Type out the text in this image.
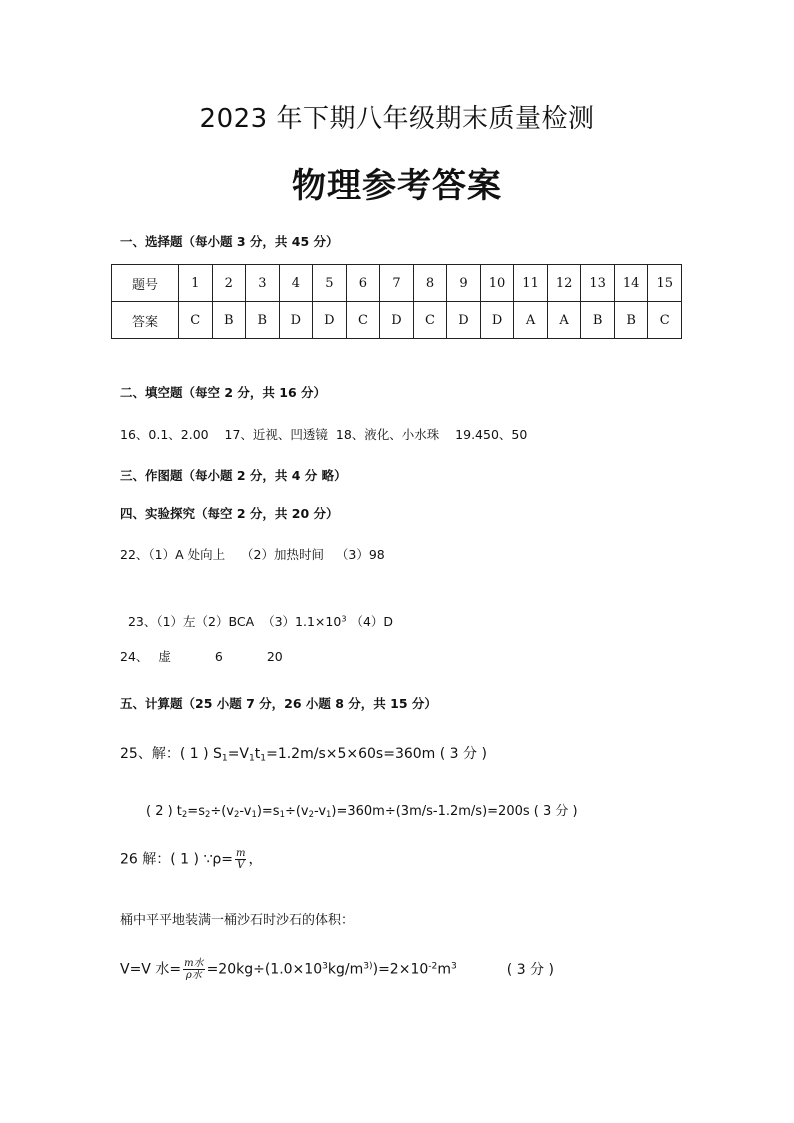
2023 年下期八年级期末质量检测
物理参考答案
一、选择题（每小题 3 分，共 45 分）
题号	1	2	3	4	5	6	7	8	9	10	11	12	13	14	15
答案	C	B	B	D	D	C	D	C	D	D	A	A	B	B	C
二、填空题（每空 2 分，共 16 分）
16、0.1、2.00    17、近视、凹透镜  18、液化、小水珠    19.450、50
三、作图题（每小题 2 分，共 4 分 略）
四、实验探究（每空 2 分，共 20 分）
22、（1）A 处向上    （2）加热时间   （3）98

23、（1）左（2）BCA  $(3)1.1\times 10^3$ （4）D

24、 虚	6	20
五、计算题（25 小题 7 分，26 小题 8 分，共 15 分）
25、解：( 1 ) $S_1=V_1t_1=1.2m/s\times 5\times 60s=360m$ ( 3 分 )
( 2 ) $t_2=s_2\div(v_2-v_1)=s_1\div(v_2-v_1)=360m\div(3m/s-1.2m/s)=200s$ ( 3 分 )
26 解：( 1 ) ∵ρ= $\frac{m}{V}$ ，
桶中平平地装满一桶沙石时沙石的体积：
V=V 水= $\frac{\text{m水}}{\text{ρ水}} =20kg\div(1.0\times 10^3kg/m^{3)})=2\times 10^{-2}m^3$	( 3 分 )
